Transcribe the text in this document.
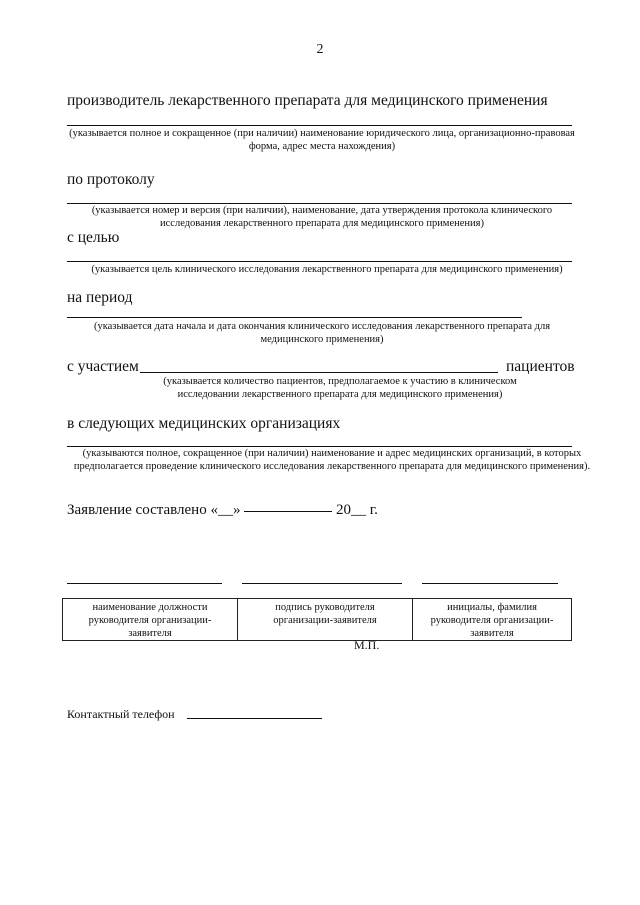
2
производитель лекарственного препарата для медицинского применения
(указывается полное и сокращенное (при наличии) наименование юридического лица, организационно-правовая
форма, адрес места нахождения)
по протоколу
(указывается номер и версия (при наличии), наименование, дата утверждения протокола клинического
исследования лекарственного препарата для медицинского применения)
с целью
(указывается цель клинического исследования лекарственного препарата для медицинского применения)
на период
(указывается дата начала и дата окончания клинического исследования лекарственного препарата для
медицинского применения)
с участием	пациентов
(указывается количество пациентов, предполагаемое к участию в клиническом
исследовании лекарственного препарата для медицинского применения)
в следующих медицинских организациях
(указываются полное, сокращенное (при наличии) наименование и адрес медицинских организаций, в которых
предполагается проведение клинического исследования лекарственного препарата для медицинского применения).
Заявление составлено «__»	20__ г.
наименование должности
руководителя организации-
заявителя

подпись руководителя
организации-заявителя

инициалы, фамилия
руководителя организации-
заявителя
М.П.
Контактный телефон
